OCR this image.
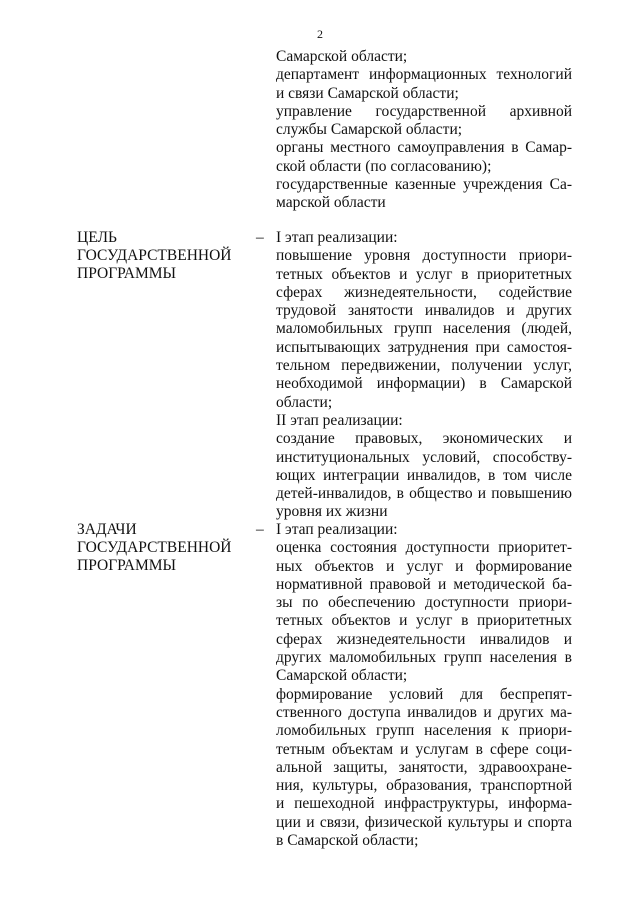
2
Самарской области;
департамент информационных технологий
и связи Самарской области;
управление государственной архивной
службы Самарской области;
органы местного самоуправления в Самар-
ской области (по согласованию);
государственные казенные учреждения Са-
марской области
ЦЕЛЬ
ГОСУДАРСТВЕННОЙ
ПРОГРАММЫ
– I этап реализации:
повышение уровня доступности приори-
тетных объектов и услуг в приоритетных
сферах жизнедеятельности, содействие
трудовой занятости инвалидов и других
маломобильных групп населения (людей,
испытывающих затруднения при самостоя-
тельном передвижении, получении услуг,
необходимой информации) в Самарской
области;
II этап реализации:
создание правовых, экономических и
институциональных условий, способству-
ющих интеграции инвалидов, в том числе
детей-инвалидов, в общество и повышению
уровня их жизни
ЗАДАЧИ
ГОСУДАРСТВЕННОЙ
ПРОГРАММЫ
– I этап реализации:
оценка состояния доступности приоритет-
ных объектов и услуг и формирование
нормативной правовой и методической ба-
зы по обеспечению доступности приори-
тетных объектов и услуг в приоритетных
сферах жизнедеятельности инвалидов и
других маломобильных групп населения в
Самарской области;
формирование условий для беспрепят-
ственного доступа инвалидов и других ма-
ломобильных групп населения к приори-
тетным объектам и услугам в сфере соци-
альной защиты, занятости, здравоохране-
ния, культуры, образования, транспортной
и пешеходной инфраструктуры, информа-
ции и связи, физической культуры и спорта
в Самарской области;
